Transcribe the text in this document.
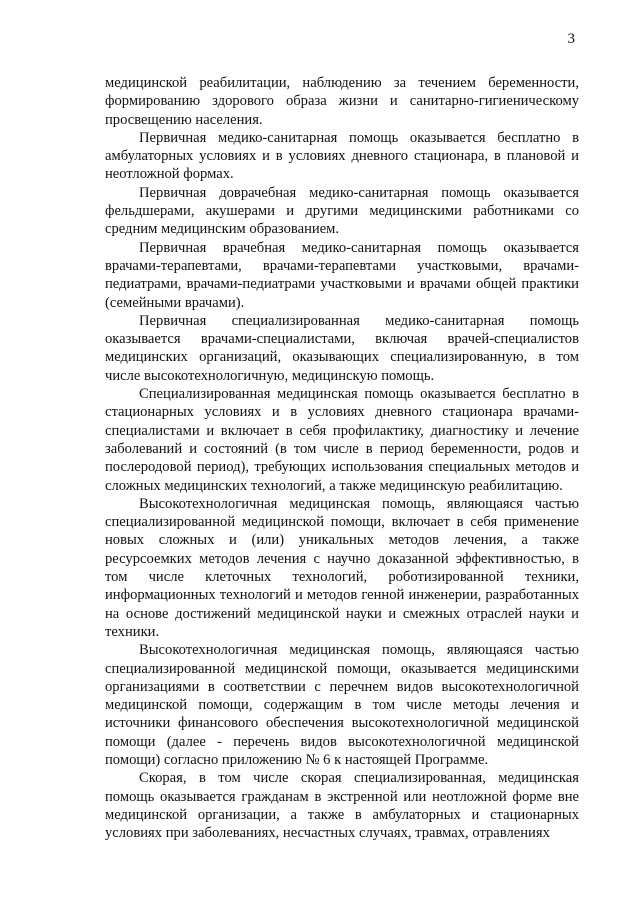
3

медицинской реабилитации, наблюдению за течением беременности, формированию здорового образа жизни и санитарно-гигиеническому просвещению населения.

Первичная медико-санитарная помощь оказывается бесплатно в амбулаторных условиях и в условиях дневного стационара, в плановой и неотложной формах.

Первичная доврачебная медико-санитарная помощь оказывается фельдшерами, акушерами и другими медицинскими работниками со средним медицинским образованием.

Первичная врачебная медико-санитарная помощь оказывается врачами-терапевтами, врачами-терапевтами участковыми, врачами-педиатрами, врачами-педиатрами участковыми и врачами общей практики (семейными врачами).

Первичная специализированная медико-санитарная помощь оказывается врачами-специалистами, включая врачей-специалистов медицинских организаций, оказывающих специализированную, в том числе высокотехнологичную, медицинскую помощь.

Специализированная медицинская помощь оказывается бесплатно в стационарных условиях и в условиях дневного стационара врачами-специалистами и включает в себя профилактику, диагностику и лечение заболеваний и состояний (в том числе в период беременности, родов и послеродовой период), требующих использования специальных методов и сложных медицинских технологий, а также медицинскую реабилитацию.

Высокотехнологичная медицинская помощь, являющаяся частью специализированной медицинской помощи, включает в себя применение новых сложных и (или) уникальных методов лечения, а также ресурсоемких методов лечения с научно доказанной эффективностью, в том числе клеточных технологий, роботизированной техники, информационных технологий и методов генной инженерии, разработанных на основе достижений медицинской науки и смежных отраслей науки и техники.

Высокотехнологичная медицинская помощь, являющаяся частью специализированной медицинской помощи, оказывается медицинскими организациями в соответствии с перечнем видов высокотехнологичной медицинской помощи, содержащим в том числе методы лечения и источники финансового обеспечения высокотехнологичной медицинской помощи (далее - перечень видов высокотехнологичной медицинской помощи) согласно приложению № 6 к настоящей Программе.

Скорая, в том числе скорая специализированная, медицинская помощь оказывается гражданам в экстренной или неотложной форме вне медицинской организации, а также в амбулаторных и стационарных условиях при заболеваниях, несчастных случаях, травмах, отравлениях
